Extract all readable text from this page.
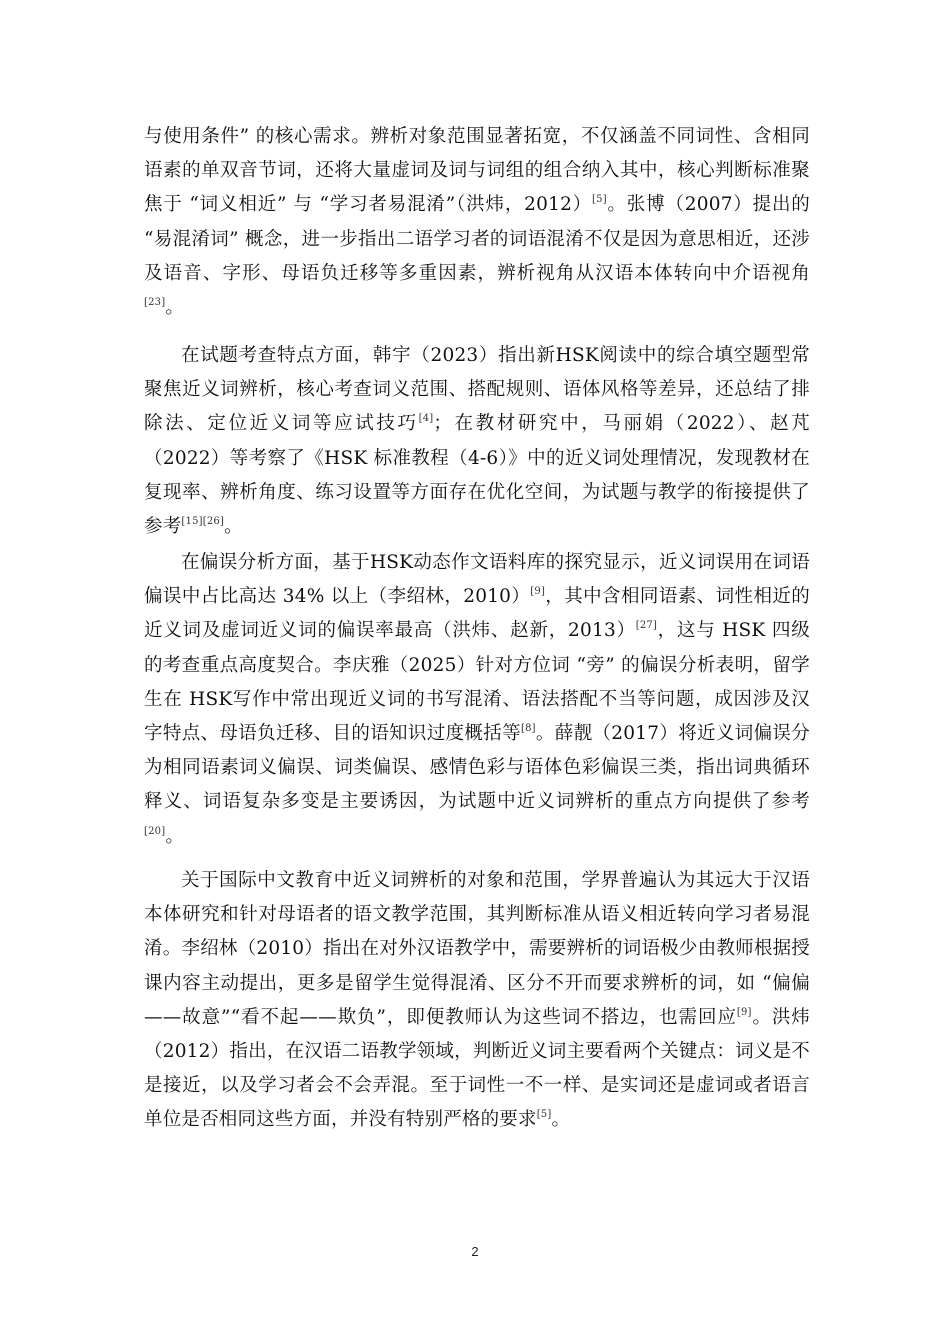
与使用条件” 的核心需求。辨析对象范围显著拓宽，不仅涵盖不同词性、含相同语素的单双音节词，还将大量虚词及词与词组的组合纳入其中，核心判断标准聚焦于 “词义相近” 与 “学习者易混淆”（洪炜，2012）[5]。张博（2007）提出的 “易混淆词” 概念，进一步指出二语学习者的词语混淆不仅是因为意思相近，还涉及语音、字形、母语负迁移等多重因素，辨析视角从汉语本体转向中介语视角[23]。
在试题考查特点方面，韩宇（2023）指出新HSK阅读中的综合填空题型常聚焦近义词辨析，核心考查词义范围、搭配规则、语体风格等差异，还总结了排除法、定位近义词等应试技巧[4]；在教材研究中，马丽娟（2022）、赵芃（2022）等考察了《HSK 标准教程（4-6）》中的近义词处理情况，发现教材在复现率、辨析角度、练习设置等方面存在优化空间，为试题与教学的衔接提供了参考[15][26]。
在偏误分析方面，基于HSK动态作文语料库的探究显示，近义词误用在词语偏误中占比高达 34% 以上（李绍林，2010）[9]，其中含相同语素、词性相近的近义词及虚词近义词的偏误率最高（洪炜、赵新，2013）[27]，这与 HSK 四级的考查重点高度契合。李庆雅（2025）针对方位词 “旁” 的偏误分析表明，留学生在 HSK写作中常出现近义词的书写混淆、语法搭配不当等问题，成因涉及汉字特点、母语负迁移、目的语知识过度概括等[8]。薛靓（2017）将近义词偏误分为相同语素词义偏误、词类偏误、感情色彩与语体色彩偏误三类，指出词典循环释义、词语复杂多变是主要诱因，为试题中近义词辨析的重点方向提供了参考[20]。
关于国际中文教育中近义词辨析的对象和范围，学界普遍认为其远大于汉语本体研究和针对母语者的语文教学范围，其判断标准从语义相近转向学习者易混淆。李绍林（2010）指出在对外汉语教学中，需要辨析的词语极少由教师根据授课内容主动提出，更多是留学生觉得混淆、区分不开而要求辨析的词，如 “偏偏——故意”“看不起——欺负”，即便教师认为这些词不搭边，也需回应[9]。洪炜（2012）指出，在汉语二语教学领域，判断近义词主要看两个关键点：词义是不是接近，以及学习者会不会弄混。至于词性一不一样、是实词还是虚词或者语言单位是否相同这些方面，并没有特别严格的要求[5]。
2
